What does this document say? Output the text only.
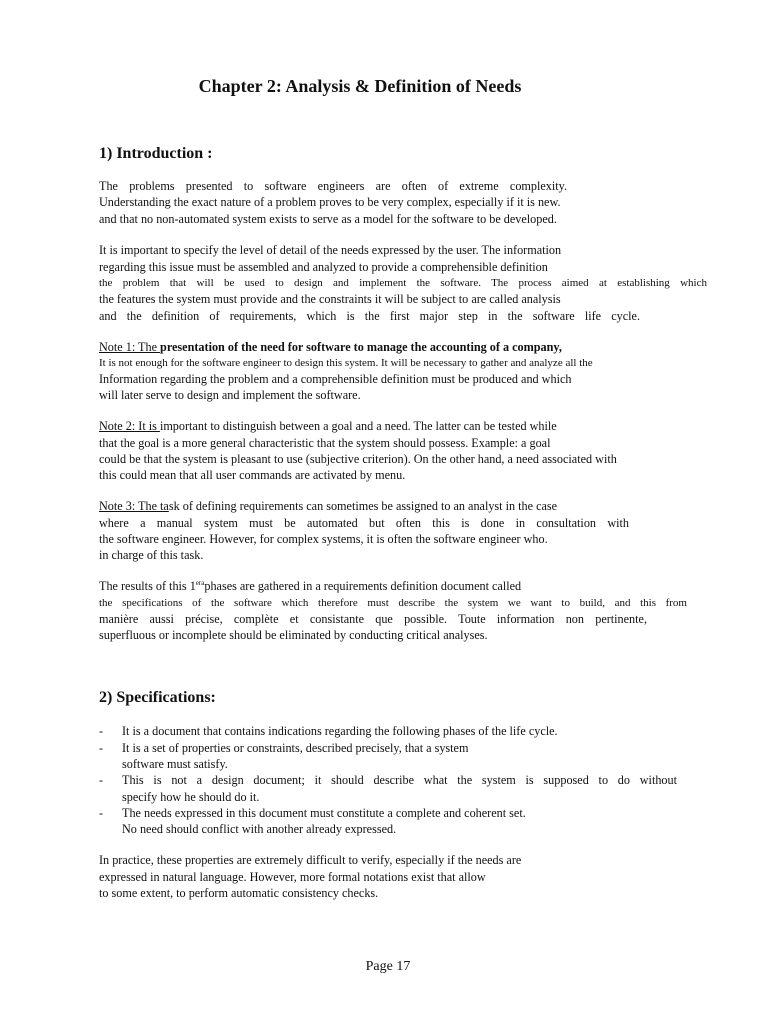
Chapter 2: Analysis & Definition of Needs
1) Introduction :
The problems presented to software engineers are often of extreme complexity.
Understanding the exact nature of a problem proves to be very complex, especially if it is new.
and that no non-automated system exists to serve as a model for the software to be developed.
It is important to specify the level of detail of the needs expressed by the user. The information
regarding this issue must be assembled and analyzed to provide a comprehensible definition
the problem that will be used to design and implement the software. The process aimed at establishing which
the features the system must provide and the constraints it will be subject to are called analysis
and the definition of requirements, which is the first major step in the software life cycle.
Note 1: The presentation of the need for software to manage the accounting of a company,
It is not enough for the software engineer to design this system. It will be necessary to gather and analyze all the
Information regarding the problem and a comprehensible definition must be produced and which
will later serve to design and implement the software.
Note 2: It is important to distinguish between a goal and a need. The latter can be tested while
that the goal is a more general characteristic that the system should possess. Example: a goal
could be that the system is pleasant to use (subjective criterion). On the other hand, a need associated with
this could mean that all user commands are activated by menu.
Note 3: The task of defining requirements can sometimes be assigned to an analyst in the case
where a manual system must be automated but often this is done in consultation with
the software engineer. However, for complex systems, it is often the software engineer who.
in charge of this task.
The results of this $1^{era}phases$ are gathered in a requirements definition document called
the specifications of the software which therefore must describe the system we want to build, and this from
manière aussi précise, complète et consistante que possible. Toute information non pertinente,
superfluous or incomplete should be eliminated by conducting critical analyses.
2) Specifications:
- It is a document that contains indications regarding the following phases of the life cycle.
- It is a set of properties or constraints, described precisely, that a system
software must satisfy.
- This is not a design document; it should describe what the system is supposed to do without
specify how he should do it.
- The needs expressed in this document must constitute a complete and coherent set.
No need should conflict with another already expressed.
In practice, these properties are extremely difficult to verify, especially if the needs are
expressed in natural language. However, more formal notations exist that allow
to some extent, to perform automatic consistency checks.
Page 17
